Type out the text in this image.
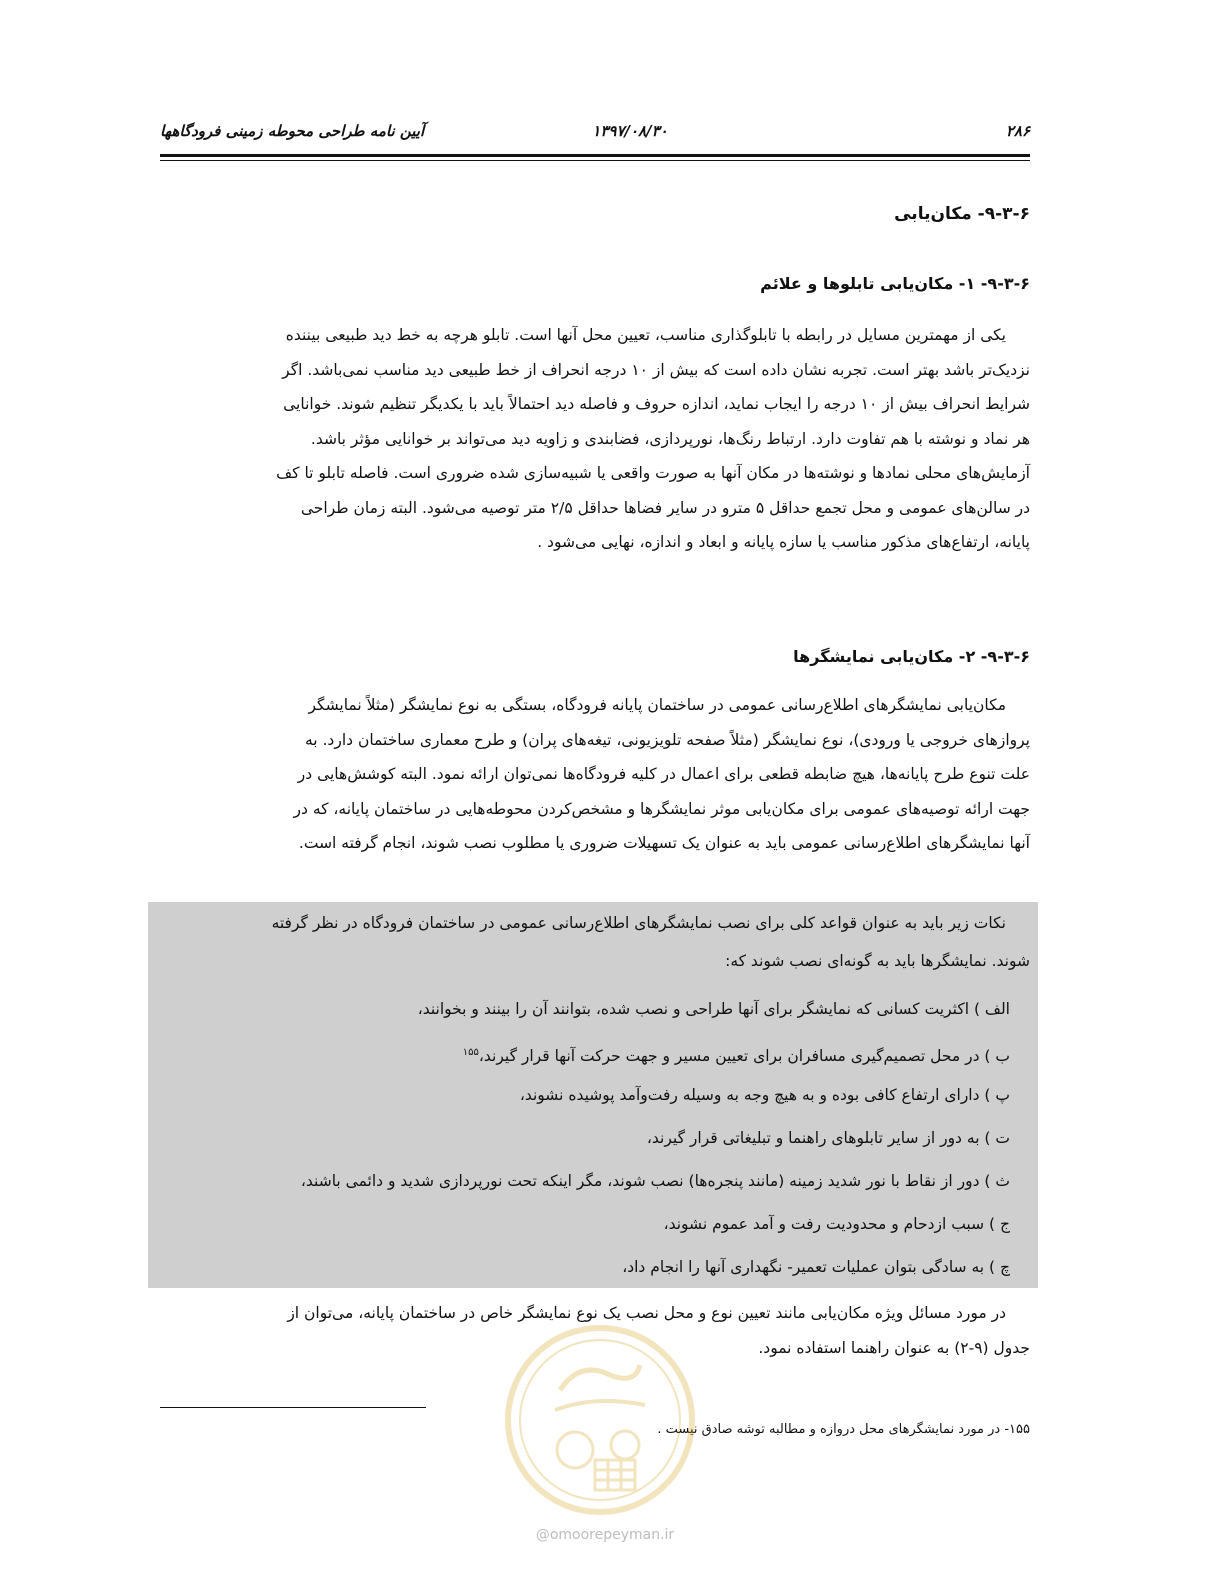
۲۸۶
۱۳۹۷/۰۸/۳۰
آیین نامه طراحی محوطه زمینی فرودگاهها
۹-۳-۶- مکان‌یابی
۹-۳-۶- ۱- مکان‌یابی تابلوها و علائم

یکی از مهمترین مسایل در رابطه با تابلوگذاری مناسب، تعیین محل آنها است. تابلو هرچه به خط دید طبیعی بیننده

نزدیک‌تر باشد بهتر است. تجربه نشان داده است که بیش از ۱۰ درجه انحراف از خط طبیعی دید مناسب نمی‌باشد. اگر

شرایط انحراف بیش از ۱۰ درجه را ایجاب نماید، اندازه حروف و فاصله دید احتمالاً باید با یکدیگر تنظیم شوند. خوانایی

هر نماد و نوشته با هم تفاوت دارد. ارتباط رنگ‌ها، نورپردازی، فضابندی و زاویه دید می‌تواند بر خوانایی مؤثر باشد.

آزمایش‌های محلی نمادها و نوشته‌ها در مکان آنها به صورت واقعی یا شبیه‌سازی شده ضروری است. فاصله تابلو تا کف

در سالن‌های عمومی و محل تجمع حداقل ۵ مترو در سایر فضاها حداقل ۲/۵ متر توصیه می‌شود. البته زمان طراحی

پایانه، ارتفاع‌های مذکور مناسب یا سازه پایانه و ابعاد و اندازه، نهایی می‌شود .

۹-۳-۶- ۲- مکان‌یابی نمایشگرها

مکان‌یابی نمایشگرهای اطلاع‌رسانی عمومی در ساختمان پایانه فرودگاه، بستگی به نوع نمایشگر (مثلاً نمایشگر

پروازهای خروجی یا ورودی)، نوع نمایشگر (مثلاً صفحه تلویزیونی، تیغه‌های پران) و طرح معماری ساختمان دارد. به

علت تنوع طرح پایانه‌ها، هیچ ضابطه قطعی برای اعمال در کلیه فرودگاه‌ها نمی‌توان ارائه نمود. البته کوشش‌هایی در

جهت ارائه توصیه‌های عمومی برای مکان‌یابی موثر نمایشگرها و مشخص‌کردن محوطه‌هایی در ساختمان پایانه، که در

آنها نمایشگرهای اطلاع‌رسانی عمومی باید به عنوان یک تسهیلات ضروری یا مطلوب نصب شوند، انجام گرفته است.

نکات زیر باید به عنوان قواعد کلی برای نصب نمایشگرهای اطلاع‌رسانی عمومی در ساختمان فرودگاه در نظر گرفته

شوند. نمایشگرها باید به گونه‌ای نصب شوند که:

الف ) اکثریت کسانی که نمایشگر برای آنها طراحی و نصب شده، بتوانند آن را بینند و بخوانند،
ب ) در محل تصمیم‌گیری مسافران برای تعیین مسیر و جهت حرکت آنها قرار گیرند،$^{۱۵۵}$
پ ) دارای ارتفاع کافی بوده و به هیچ وجه به وسیله رفت‌وآمد پوشیده نشوند،
ت ) به دور از سایر تابلوهای راهنما و تبلیغاتی قرار گیرند،
ث ) دور از نقاط با نور شدید زمینه (مانند پنجره‌ها) نصب شوند، مگر اینکه تحت نورپردازی شدید و دائمی باشند،
ج ) سبب ازدحام و محدودیت رفت و آمد عموم نشوند،
چ ) به سادگی بتوان عملیات تعمیر- نگهداری آنها را انجام داد،

در مورد مسائل ویژه مکان‌یابی مانند تعیین نوع و محل نصب یک نوع نمایشگر خاص در ساختمان پایانه، می‌توان از

جدول (۹-۲) به عنوان راهنما استفاده نمود.

۱۵۵- در مورد نمایشگرهای محل دروازه و مطالبه توشه صادق نیست .
@omoorepeyman.ir
